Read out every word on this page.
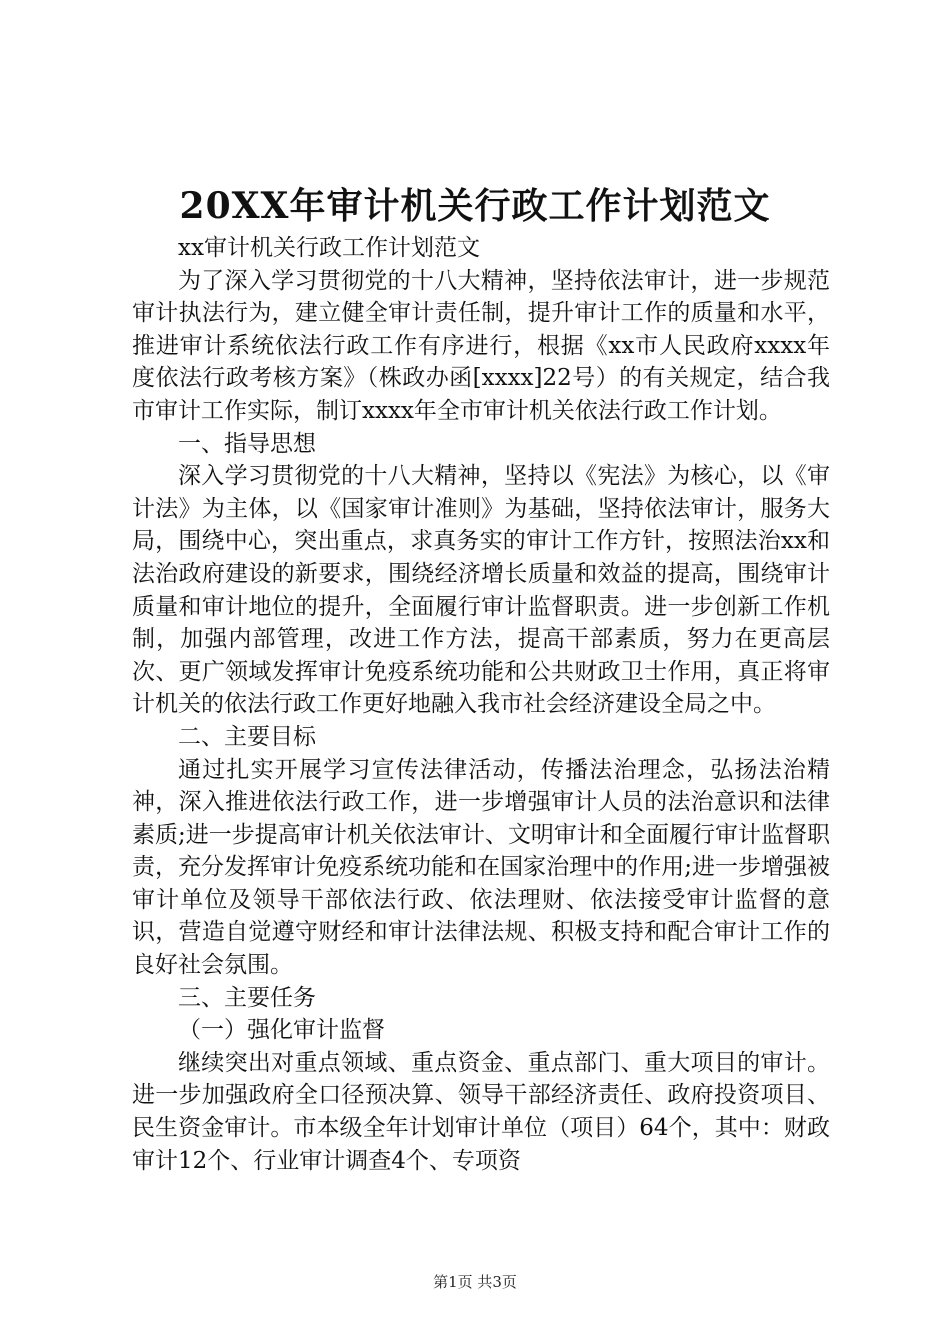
20XX年审计机关行政工作计划范文

xx审计机关行政工作计划范文

为了深入学习贯彻党的十八大精神，坚持依法审计，进一步规范审计执法行为，建立健全审计责任制，提升审计工作的质量和水平，推进审计系统依法行政工作有序进行，根据《xx市人民政府xxxx年度依法行政考核方案》（株政办函[xxxx]22号）的有关规定，结合我市审计工作实际，制订xxxx年全市审计机关依法行政工作计划。

一、指导思想

深入学习贯彻党的十八大精神，坚持以《宪法》为核心，以《审计法》为主体，以《国家审计准则》为基础，坚持依法审计，服务大局，围绕中心，突出重点，求真务实的审计工作方针，按照法治xx和法治政府建设的新要求，围绕经济增长质量和效益的提高，围绕审计质量和审计地位的提升，全面履行审计监督职责。进一步创新工作机制，加强内部管理，改进工作方法，提高干部素质，努力在更高层次、更广领域发挥审计免疫系统功能和公共财政卫士作用，真正将审计机关的依法行政工作更好地融入我市社会经济建设全局之中。

二、主要目标

通过扎实开展学习宣传法律活动，传播法治理念，弘扬法治精神，深入推进依法行政工作，进一步增强审计人员的法治意识和法律素质;进一步提高审计机关依法审计、文明审计和全面履行审计监督职责，充分发挥审计免疫系统功能和在国家治理中的作用;进一步增强被审计单位及领导干部依法行政、依法理财、依法接受审计监督的意识，营造自觉遵守财经和审计法律法规、积极支持和配合审计工作的良好社会氛围。

三、主要任务

（一）强化审计监督

继续突出对重点领域、重点资金、重点部门、重大项目的审计。进一步加强政府全口径预决算、领导干部经济责任、政府投资项目、民生资金审计。市本级全年计划审计单位（项目）64个，其中：财政审计12个、行业审计调查4个、专项资

第1页 共3页
